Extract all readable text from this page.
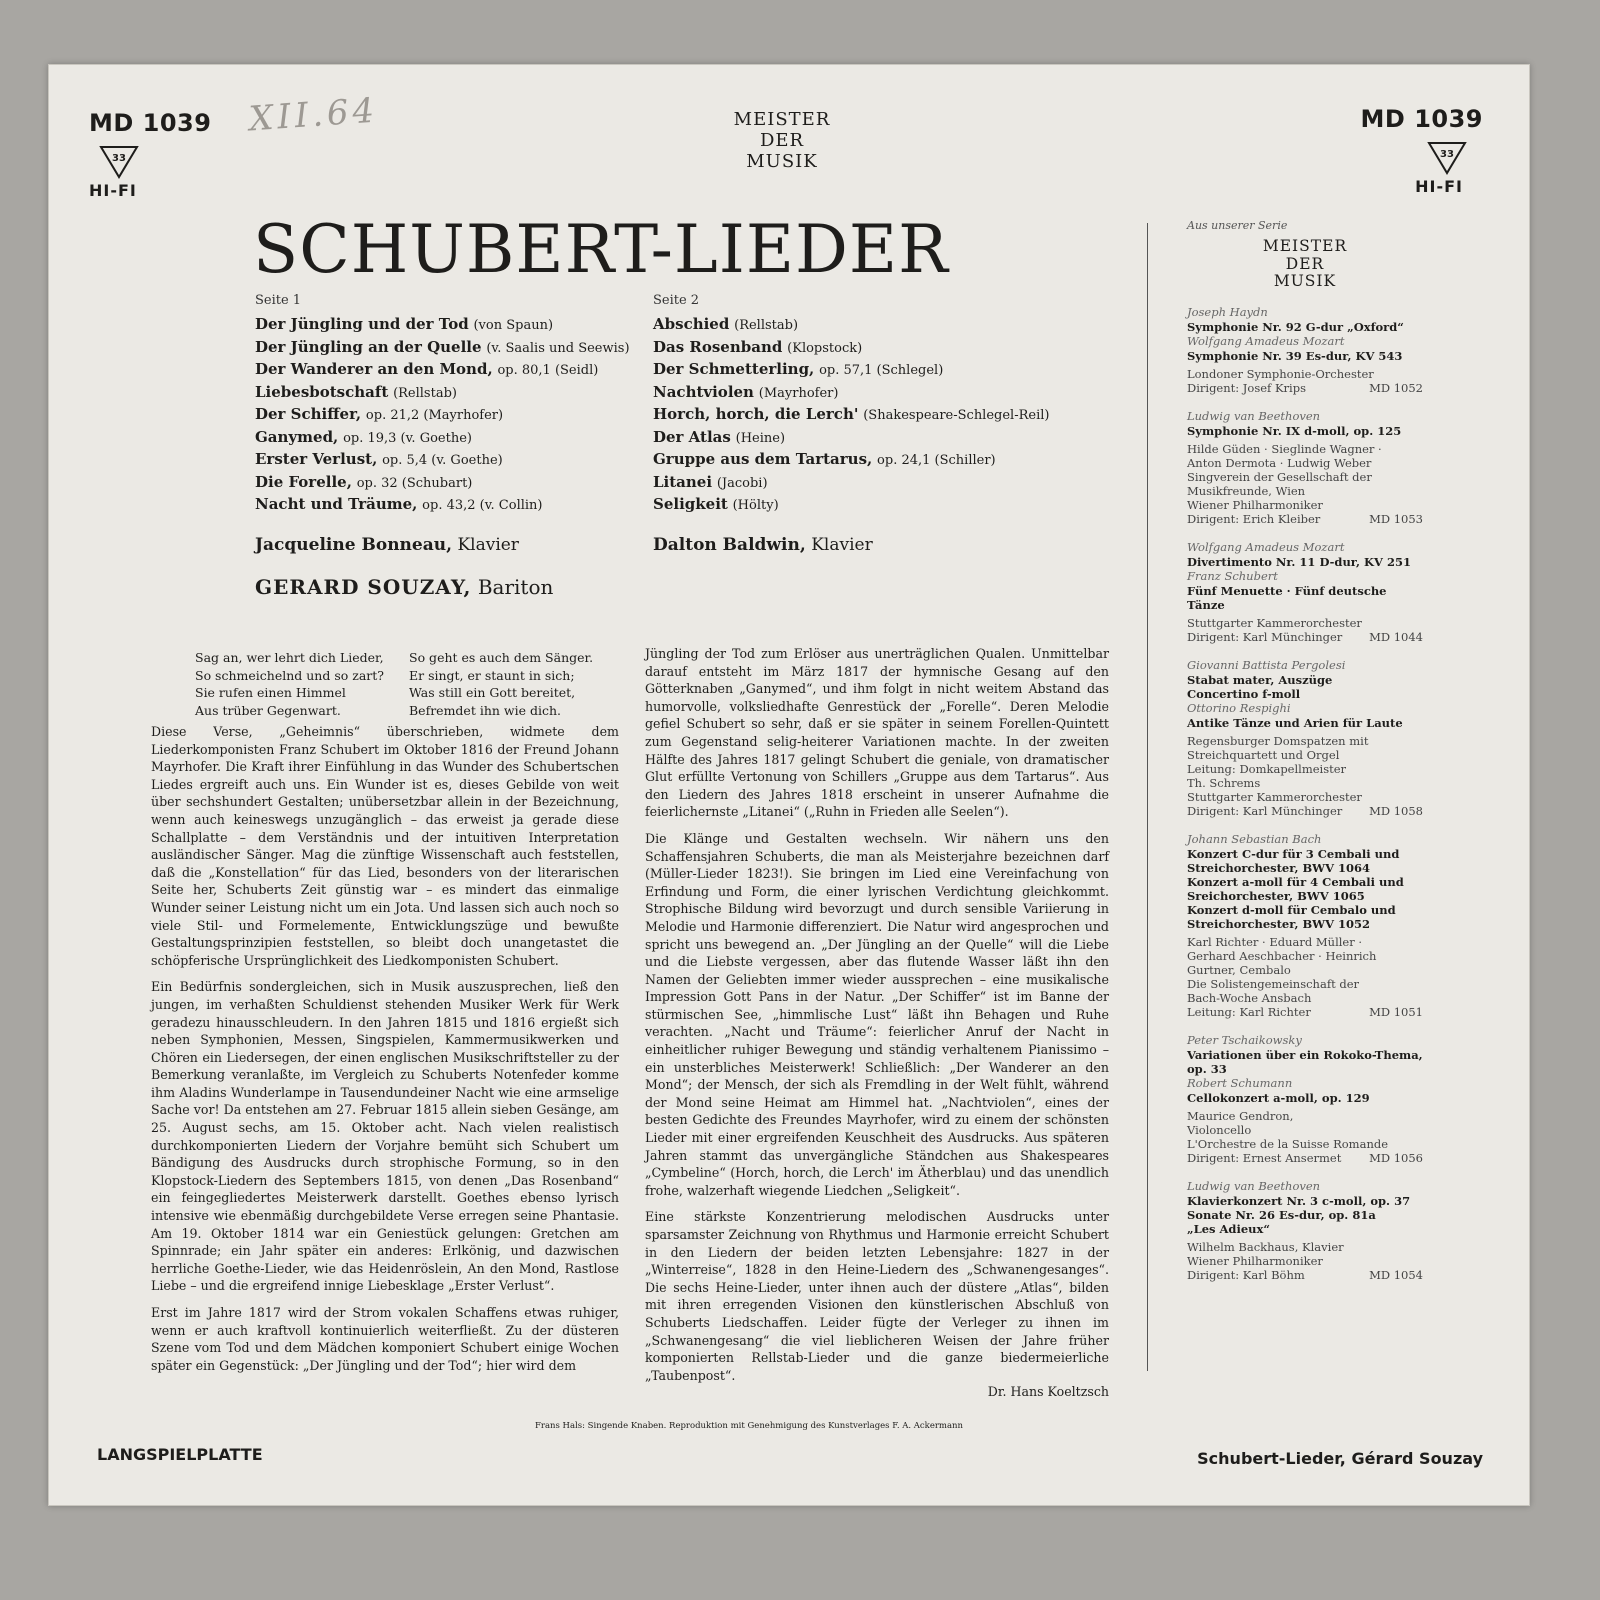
MD 1039
33
HI-FI
XII.64	MEISTER
DER
MUSIK
MD 1039
33
HI-FI
SCHUBERT-LIEDER
Seite 1
Der Jüngling und der Tod (von Spaun)
Der Jüngling an der Quelle (v. Saalis und Seewis)
Der Wanderer an den Mond, op. 80,1 (Seidl)
Liebesbotschaft (Rellstab)
Der Schiffer, op. 21,2 (Mayrhofer)
Ganymed, op. 19,3 (v. Goethe)
Erster Verlust, op. 5,4 (v. Goethe)
Die Forelle, op. 32 (Schubart)
Nacht und Träume, op. 43,2 (v. Collin)
Jacqueline Bonneau, Klavier
GERARD SOUZAY, Bariton
Seite 2
Abschied (Rellstab)
Das Rosenband (Klopstock)
Der Schmetterling, op. 57,1 (Schlegel)
Nachtviolen (Mayrhofer)
Horch, horch, die Lerch' (Shakespeare-Schlegel-Reil)
Der Atlas (Heine)
Gruppe aus dem Tartarus, op. 24,1 (Schiller)
Litanei (Jacobi)
Seligkeit (Hölty)
Dalton Baldwin, Klavier
Sag an, wer lehrt dich Lieder,
So schmeichelnd und so zart?
Sie rufen einen Himmel
Aus trüber Gegenwart.
So geht es auch dem Sänger.
Er singt, er staunt in sich;
Was still ein Gott bereitet,
Befremdet ihn wie dich.

Diese Verse, „Geheimnis“ überschrieben, widmete dem Liederkomponisten Franz Schubert im Oktober 1816 der Freund Johann Mayrhofer. Die Kraft ihrer Einfühlung in das Wunder des Schubertschen Liedes ergreift auch uns. Ein Wunder ist es, dieses Gebilde von weit über sechshundert Gestalten; unübersetzbar allein in der Bezeichnung, wenn auch keineswegs unzugänglich – das erweist ja gerade diese Schallplatte – dem Verständnis und der intuitiven Interpretation ausländischer Sänger. Mag die zünftige Wissenschaft auch feststellen, daß die „Konstellation“ für das Lied, besonders von der literarischen Seite her, Schuberts Zeit günstig war – es mindert das einmalige Wunder seiner Leistung nicht um ein Jota. Und lassen sich auch noch so viele Stil- und Formelemente, Entwicklungszüge und bewußte Gestaltungsprinzipien feststellen, so bleibt doch unangetastet die schöpferische Ursprünglichkeit des Liedkomponisten Schubert.

Ein Bedürfnis sondergleichen, sich in Musik auszusprechen, ließ den jungen, im verhaßten Schuldienst stehenden Musiker Werk für Werk geradezu hinausschleudern. In den Jahren 1815 und 1816 ergießt sich neben Symphonien, Messen, Singspielen, Kammermusikwerken und Chören ein Liedersegen, der einen englischen Musikschriftsteller zu der Bemerkung veranlaßte, im Vergleich zu Schuberts Notenfeder komme ihm Aladins Wunderlampe in Tausendundeiner Nacht wie eine armselige Sache vor! Da entstehen am 27. Februar 1815 allein sieben Gesänge, am 25. August sechs, am 15. Oktober acht. Nach vielen realistisch durchkomponierten Liedern der Vorjahre bemüht sich Schubert um Bändigung des Ausdrucks durch strophische Formung, so in den Klopstock-Liedern des Septembers 1815, von denen „Das Rosenband“ ein feingegliedertes Meisterwerk darstellt. Goethes ebenso lyrisch intensive wie ebenmäßig durchgebildete Verse erregen seine Phantasie. Am 19. Oktober 1814 war ein Geniestück gelungen: Gretchen am Spinnrade; ein Jahr später ein anderes: Erlkönig, und dazwischen herrliche Goethe-Lieder, wie das Heidenröslein, An den Mond, Rastlose Liebe – und die ergreifend innige Liebesklage „Erster Verlust“.

Erst im Jahre 1817 wird der Strom vokalen Schaffens etwas ruhiger, wenn er auch kraftvoll kontinuierlich weiterfließt. Zu der düsteren Szene vom Tod und dem Mädchen komponiert Schubert einige Wochen später ein Gegenstück: „Der Jüngling und der Tod“; hier wird dem

Jüngling der Tod zum Erlöser aus unerträglichen Qualen. Unmittelbar darauf entsteht im März 1817 der hymnische Gesang auf den Götterknaben „Ganymed“, und ihm folgt in nicht weitem Abstand das humorvolle, volksliedhafte Genrestück der „Forelle“. Deren Melodie gefiel Schubert so sehr, daß er sie später in seinem Forellen-Quintett zum Gegenstand selig-heiterer Variationen machte. In der zweiten Hälfte des Jahres 1817 gelingt Schubert die geniale, von dramatischer Glut erfüllte Vertonung von Schillers „Gruppe aus dem Tartarus“. Aus den Liedern des Jahres 1818 erscheint in unserer Aufnahme die feierlichernste „Litanei“ („Ruhn in Frieden alle Seelen“).

Die Klänge und Gestalten wechseln. Wir nähern uns den Schaffensjahren Schuberts, die man als Meisterjahre bezeichnen darf (Müller-Lieder 1823!). Sie bringen im Lied eine Vereinfachung von Erfindung und Form, die einer lyrischen Verdichtung gleichkommt. Strophische Bildung wird bevorzugt und durch sensible Variierung in Melodie und Harmonie differenziert. Die Natur wird angesprochen und spricht uns bewegend an. „Der Jüngling an der Quelle“ will die Liebe und die Liebste vergessen, aber das flutende Wasser läßt ihn den Namen der Geliebten immer wieder aussprechen – eine musikalische Impression Gott Pans in der Natur. „Der Schiffer“ ist im Banne der stürmischen See, „himmlische Lust“ läßt ihn Behagen und Ruhe verachten. „Nacht und Träume“: feierlicher Anruf der Nacht in einheitlicher ruhiger Bewegung und ständig verhaltenem Pianissimo – ein unsterbliches Meisterwerk! Schließlich: „Der Wanderer an den Mond“; der Mensch, der sich als Fremdling in der Welt fühlt, während der Mond seine Heimat am Himmel hat. „Nachtviolen“, eines der besten Gedichte des Freundes Mayrhofer, wird zu einem der schönsten Lieder mit einer ergreifenden Keuschheit des Ausdrucks. Aus späteren Jahren stammt das unvergängliche Ständchen aus Shakespeares „Cymbeline“ (Horch, horch, die Lerch' im Ätherblau) und das unendlich frohe, walzerhaft wiegende Liedchen „Seligkeit“.

Eine stärkste Konzentrierung melodischen Ausdrucks unter sparsamster Zeichnung von Rhythmus und Harmonie erreicht Schubert in den Liedern der beiden letzten Lebensjahre: 1827 in der „Winterreise“, 1828 in den Heine-Liedern des „Schwanengesanges“. Die sechs Heine-Lieder, unter ihnen auch der düstere „Atlas“, bilden mit ihren erregenden Visionen den künstlerischen Abschluß von Schuberts Liedschaffen. Leider fügte der Verleger zu ihnen im „Schwanengesang“ die viel lieblicheren Weisen der Jahre früher komponierten Rellstab-Lieder und die ganze biedermeierliche „Taubenpost“.

Dr. Hans Koeltzsch
Aus unserer Serie
MEISTER
DER
MUSIK
Joseph Haydn
Symphonie Nr. 92 G-dur „Oxford“
Wolfgang Amadeus Mozart
Symphonie Nr. 39 Es-dur, KV 543
Londoner Symphonie-Orchester
Dirigent: Josef Krips	MD 1052
Ludwig van Beethoven
Symphonie Nr. IX d-moll, op. 125
Hilde Güden · Sieglinde Wagner ·
Anton Dermota · Ludwig Weber
Singverein der Gesellschaft der
Musikfreunde, Wien
Wiener Philharmoniker
Dirigent: Erich Kleiber	MD 1053
Wolfgang Amadeus Mozart
Divertimento Nr. 11 D-dur, KV 251
Franz Schubert
Fünf Menuette · Fünf deutsche Tänze
Stuttgarter Kammerorchester
Dirigent: Karl Münchinger MD 1044
Giovanni Battista Pergolesi
Stabat mater, Auszüge
Concertino f-moll
Ottorino Respighi
Antike Tänze und Arien für Laute
Regensburger Domspatzen mit
Streichquartett und Orgel
Leitung: Domkapellmeister
Th. Schrems
Stuttgarter Kammerorchester
Dirigent: Karl Münchinger MD 1058
Johann Sebastian Bach
Konzert C-dur für 3 Cembali und
Streichorchester, BWV 1064
Konzert a-moll für 4 Cembali und
Sreichorchester, BWV 1065
Konzert d-moll für Cembalo und
Streichorchester, BWV 1052
Karl Richter · Eduard Müller ·
Gerhard Aeschbacher · Heinrich
Gurtner, Cembalo
Die Solistengemeinschaft der
Bach-Woche Ansbach
Leitung: Karl Richter	MD 1051
Peter Tschaikowsky
Variationen über ein Rokoko-Thema,
op. 33
Robert Schumann
Cellokonzert a-moll, op. 129
Maurice Gendron,
Violoncello
L'Orchestre de la Suisse Romande
Dirigent: Ernest Ansermet MD 1056
Ludwig van Beethoven
Klavierkonzert Nr. 3 c-moll, op. 37
Sonate Nr. 26 Es-dur, op. 81a
„Les Adieux“
Wilhelm Backhaus, Klavier
Wiener Philharmoniker
Dirigent: Karl Böhm	MD 1054
Frans Hals: Singende Knaben. Reproduktion mit Genehmigung des Kunstverlages F. A. Ackermann
LANGSPIELPLATTE	Schubert-Lieder, Gérard Souzay
